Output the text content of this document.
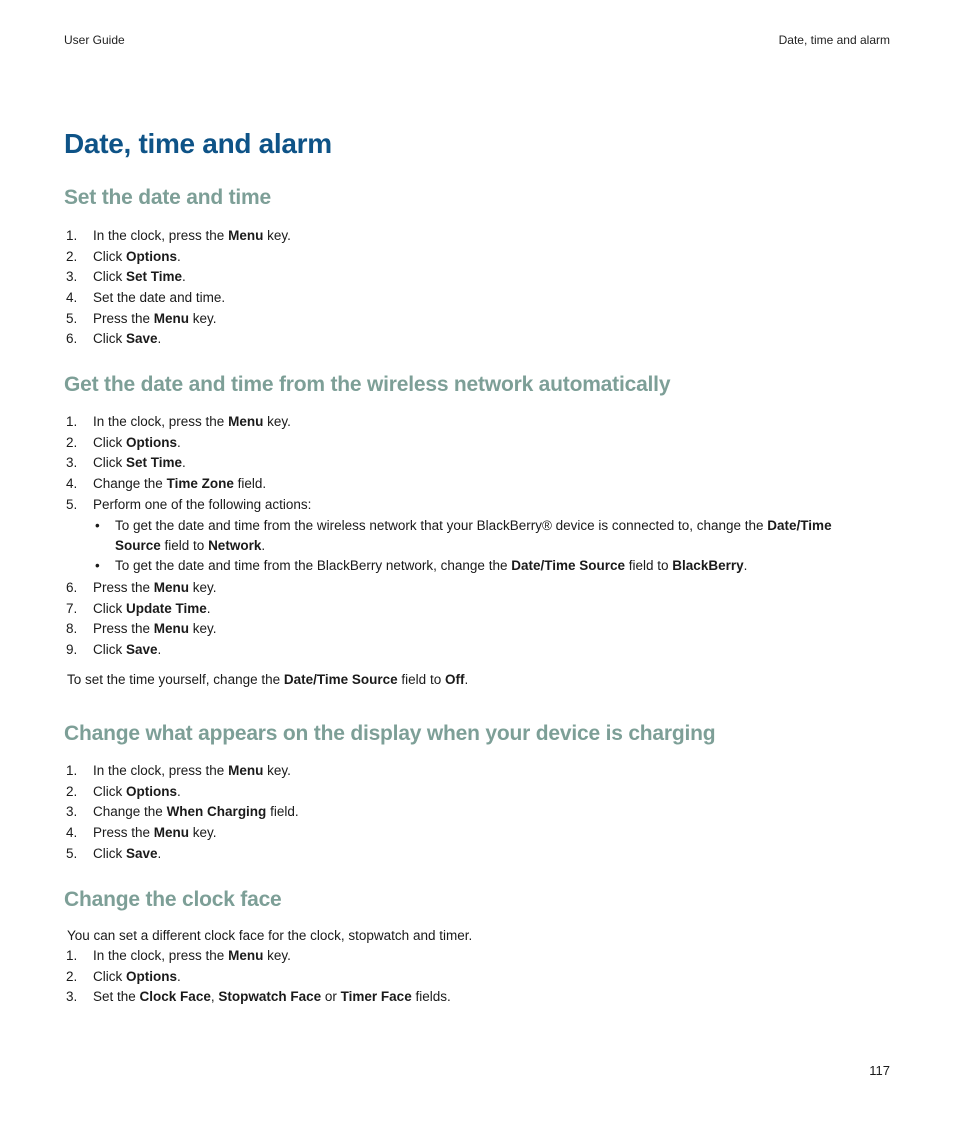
User Guide	Date, time and alarm
Date, time and alarm
Set the date and time
1. In the clock, press the Menu key.
2. Click Options.
3. Click Set Time.
4. Set the date and time.
5. Press the Menu key.
6. Click Save.
Get the date and time from the wireless network automatically
1. In the clock, press the Menu key.
2. Click Options.
3. Click Set Time.
4. Change the Time Zone field.
5. Perform one of the following actions:
• To get the date and time from the wireless network that your BlackBerry® device is connected to, change the Date/Time Source field to Network.
• To get the date and time from the BlackBerry network, change the Date/Time Source field to BlackBerry.
6. Press the Menu key.
7. Click Update Time.
8. Press the Menu key.
9. Click Save.

To set the time yourself, change the Date/Time Source field to Off.

Change what appears on the display when your device is charging
1. In the clock, press the Menu key.
2. Click Options.
3. Change the When Charging field.
4. Press the Menu key.
5. Click Save.
Change the clock face

You can set a different clock face for the clock, stopwatch and timer.

1. In the clock, press the Menu key.
2. Click Options.
3. Set the Clock Face, Stopwatch Face or Timer Face fields.
117
